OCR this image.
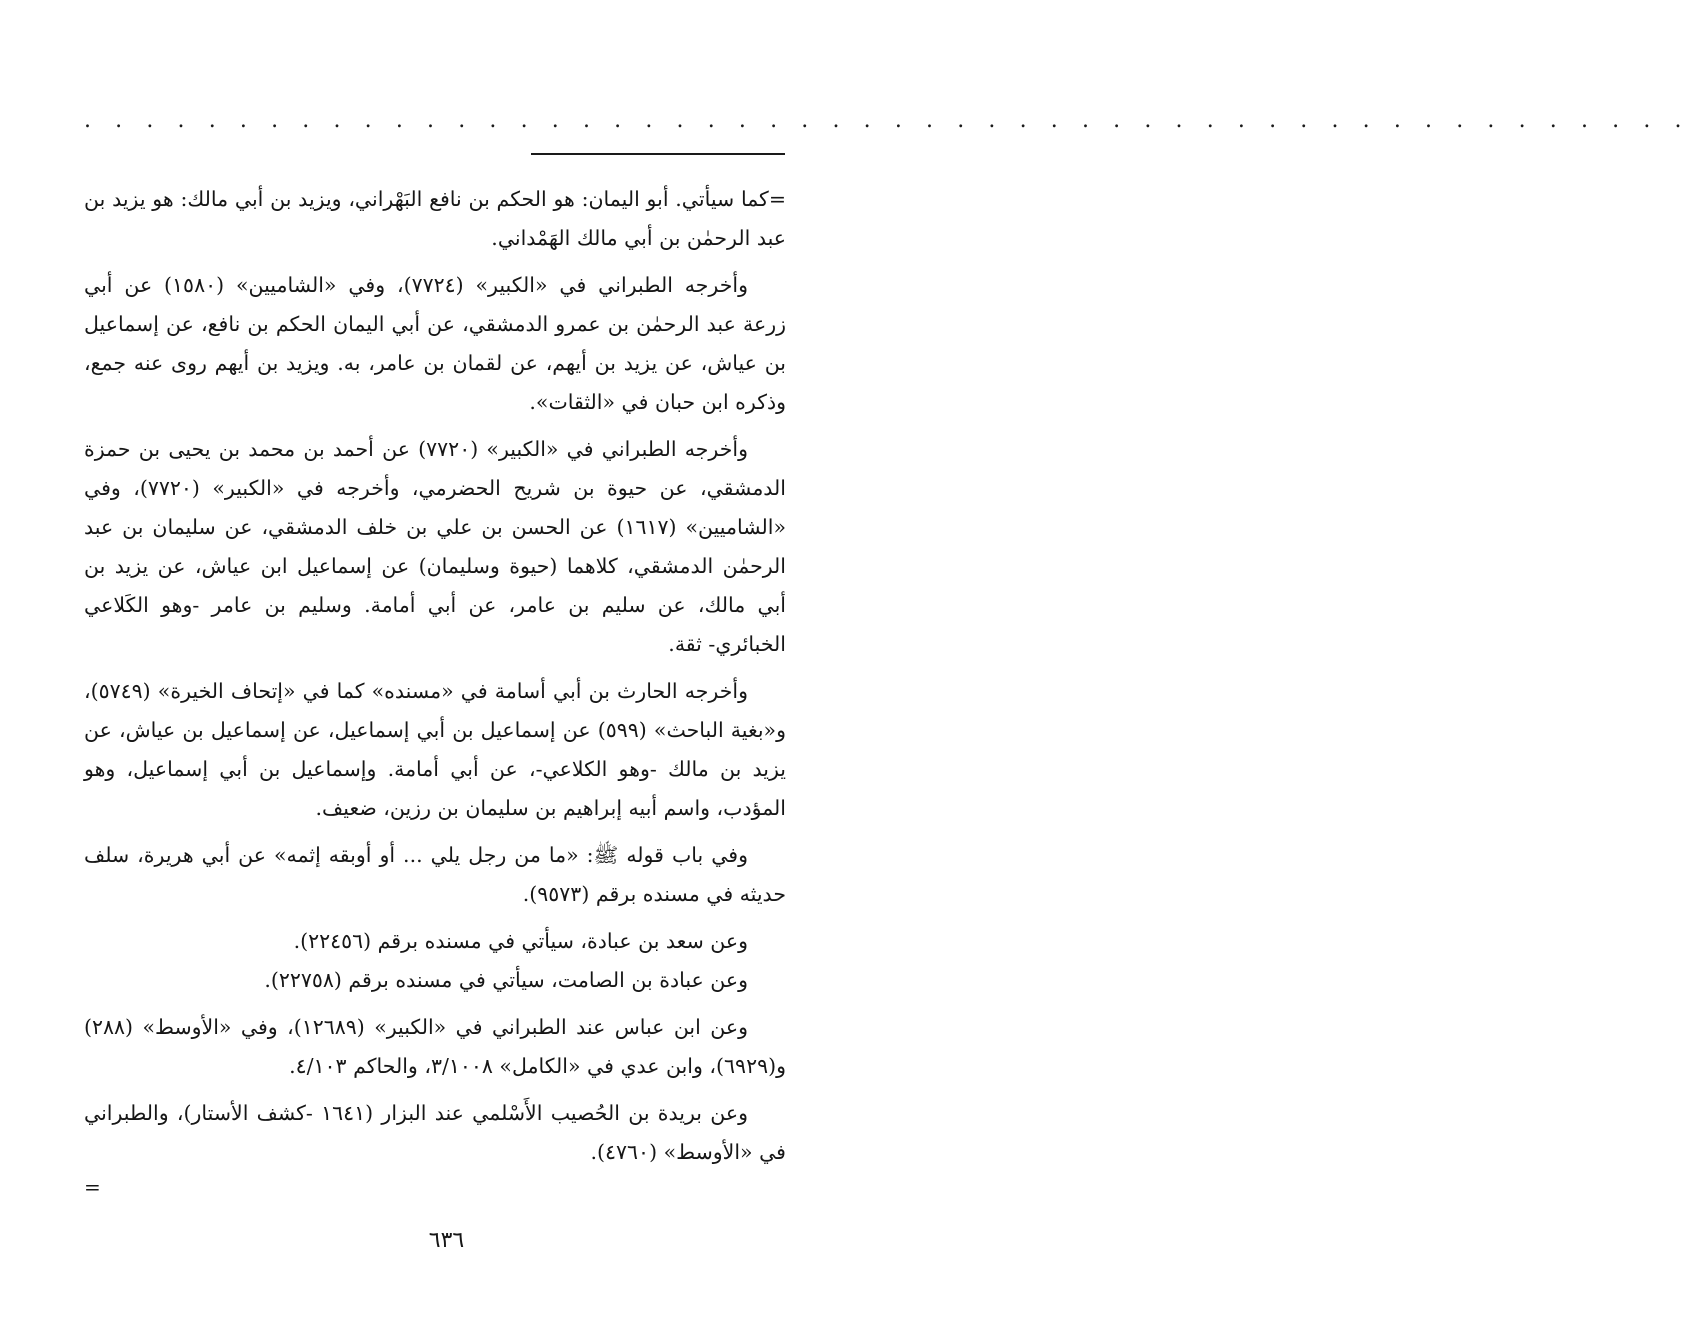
. . . . . . . . . . . . . . . . . . . . . . . . . . . . . . . . . . . . . . . . . . . . . . . . . . . .

=كما سيأتي. أبو اليمان: هو الحكم بن نافع البَهْراني، ويزيد بن أبي مالك: هو يزيد بن عبد الرحمٰن بن أبي مالك الهَمْداني.

وأخرجه الطبراني في «الكبير» (٧٧٢٤)، وفي «الشاميين» (١٥٨٠) عن أبي زرعة عبد الرحمٰن بن عمرو الدمشقي، عن أبي اليمان الحكم بن نافع، عن إسماعيل بن عياش، عن يزيد بن أيهم، عن لقمان بن عامر، به. ويزيد بن أيهم روى عنه جمع، وذكره ابن حبان في «الثقات».

وأخرجه الطبراني في «الكبير» (٧٧٢٠) عن أحمد بن محمد بن يحيى بن حمزة الدمشقي، عن حيوة بن شريح الحضرمي، وأخرجه في «الكبير» (٧٧٢٠)، وفي «الشاميين» (١٦١٧) عن الحسن بن علي بن خلف الدمشقي، عن سليمان بن عبد الرحمٰن الدمشقي، كلاهما (حيوة وسليمان) عن إسماعيل ابن عياش، عن يزيد بن أبي مالك، عن سليم بن عامر، عن أبي أمامة. وسليم بن عامر -وهو الكَلاعي الخبائري- ثقة.

وأخرجه الحارث بن أبي أسامة في «مسنده» كما في «إتحاف الخيرة» (٥٧٤٩)، و«بغية الباحث» (٥٩٩) عن إسماعيل بن أبي إسماعيل، عن إسماعيل بن عياش، عن يزيد بن مالك -وهو الكلاعي-، عن أبي أمامة. وإسماعيل بن أبي إسماعيل، وهو المؤدب، واسم أبيه إبراهيم بن سليمان بن رزين، ضعيف.

وفي باب قوله ﷺ: «ما من رجل يلي ... أو أوبقه إثمه» عن أبي هريرة، سلف حديثه في مسنده برقم (٩٥٧٣).

وعن سعد بن عبادة، سيأتي في مسنده برقم (٢٢٤٥٦).

وعن عبادة بن الصامت، سيأتي في مسنده برقم (٢٢٧٥٨).

وعن ابن عباس عند الطبراني في «الكبير» (١٢٦٨٩)، وفي «الأوسط» (٢٨٨) و(٦٩٢٩)، وابن عدي في «الكامل» ٣/١٠٠٨، والحاكم ٤/١٠٣.

وعن بريدة بن الحُصيب الأَسْلمي عند البزار (١٦٤١ -كشف الأستار)، والطبراني في «الأوسط» (٤٧٦٠).

=
٦٣٦
